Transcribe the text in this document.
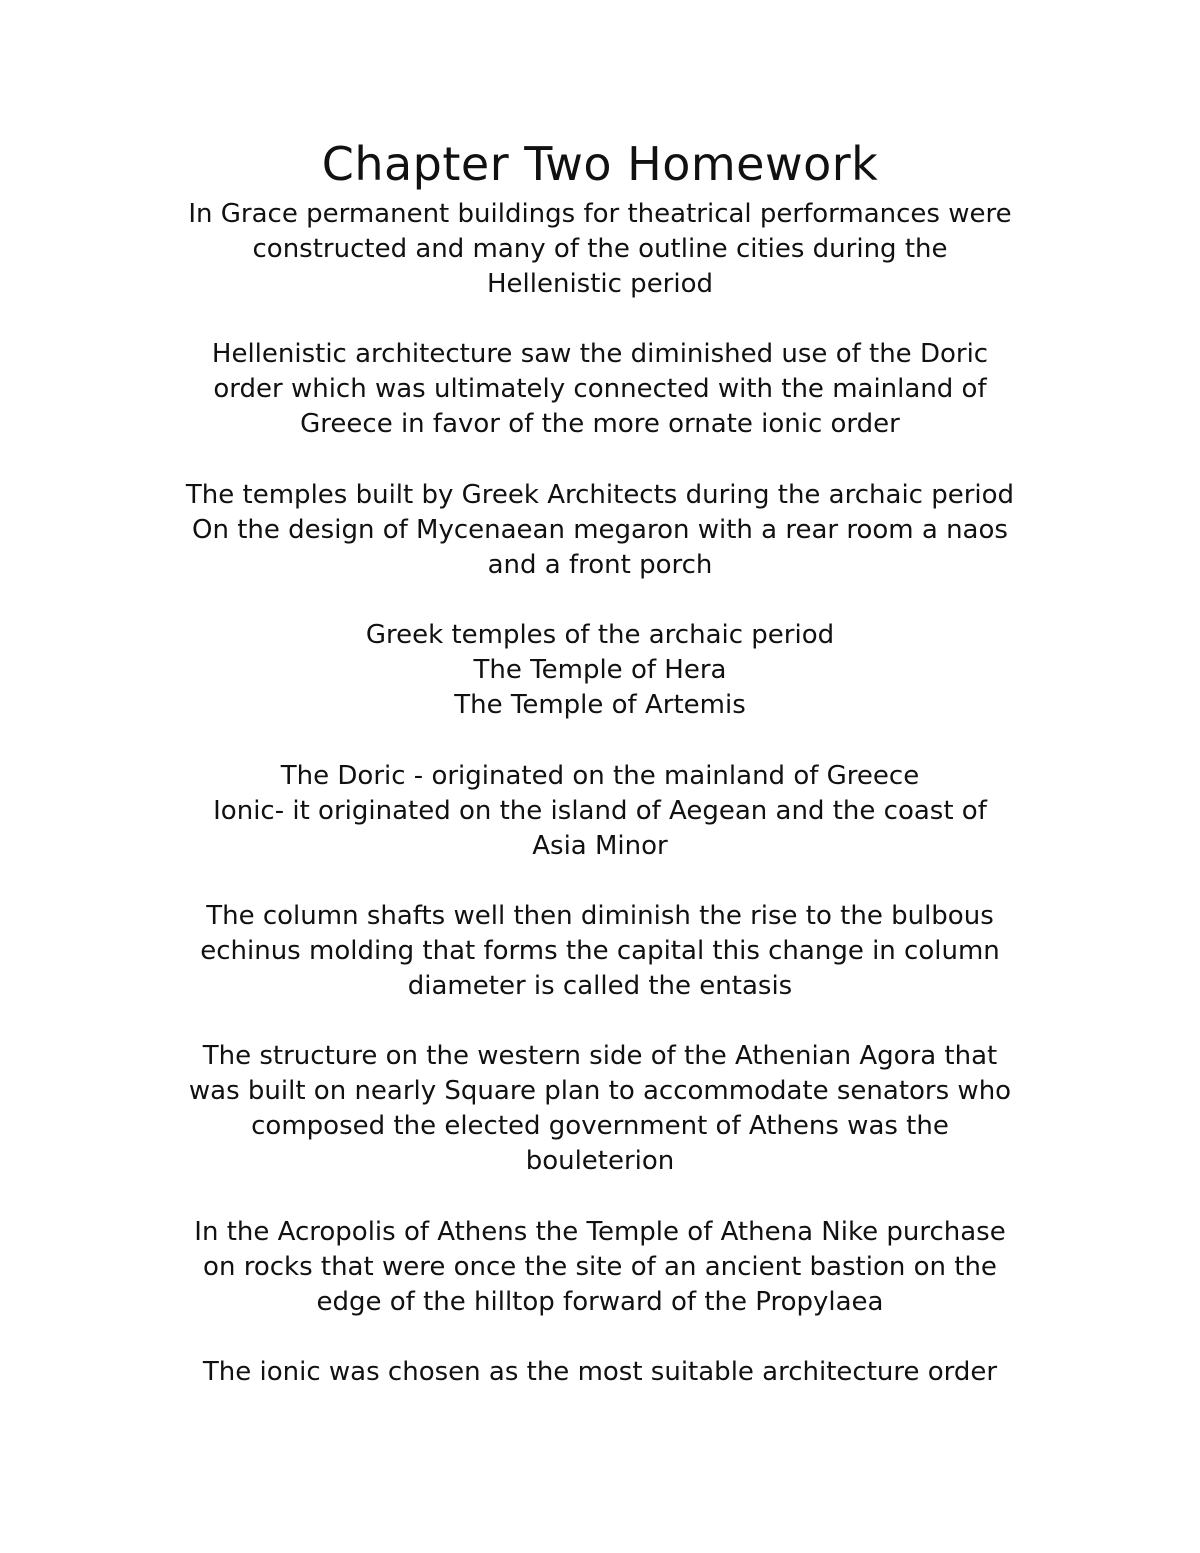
Chapter Two Homework

In Grace permanent buildings for theatrical performances were
constructed and many of the outline cities during the
Hellenistic period

Hellenistic architecture saw the diminished use of the Doric
order which was ultimately connected with the mainland of
Greece in favor of the more ornate ionic order

The temples built by Greek Architects during the archaic period
On the design of Mycenaean megaron with a rear room a naos
and a front porch

Greek temples of the archaic period
The Temple of Hera
The Temple of Artemis

The Doric - originated on the mainland of Greece
Ionic- it originated on the island of Aegean and the coast of
Asia Minor

The column shafts well then diminish the rise to the bulbous
echinus molding that forms the capital this change in column
diameter is called the entasis

The structure on the western side of the Athenian Agora that
was built on nearly Square plan to accommodate senators who
composed the elected government of Athens was the
bouleterion

In the Acropolis of Athens the Temple of Athena Nike purchase
on rocks that were once the site of an ancient bastion on the
edge of the hilltop forward of the Propylaea

The ionic was chosen as the most suitable architecture order
